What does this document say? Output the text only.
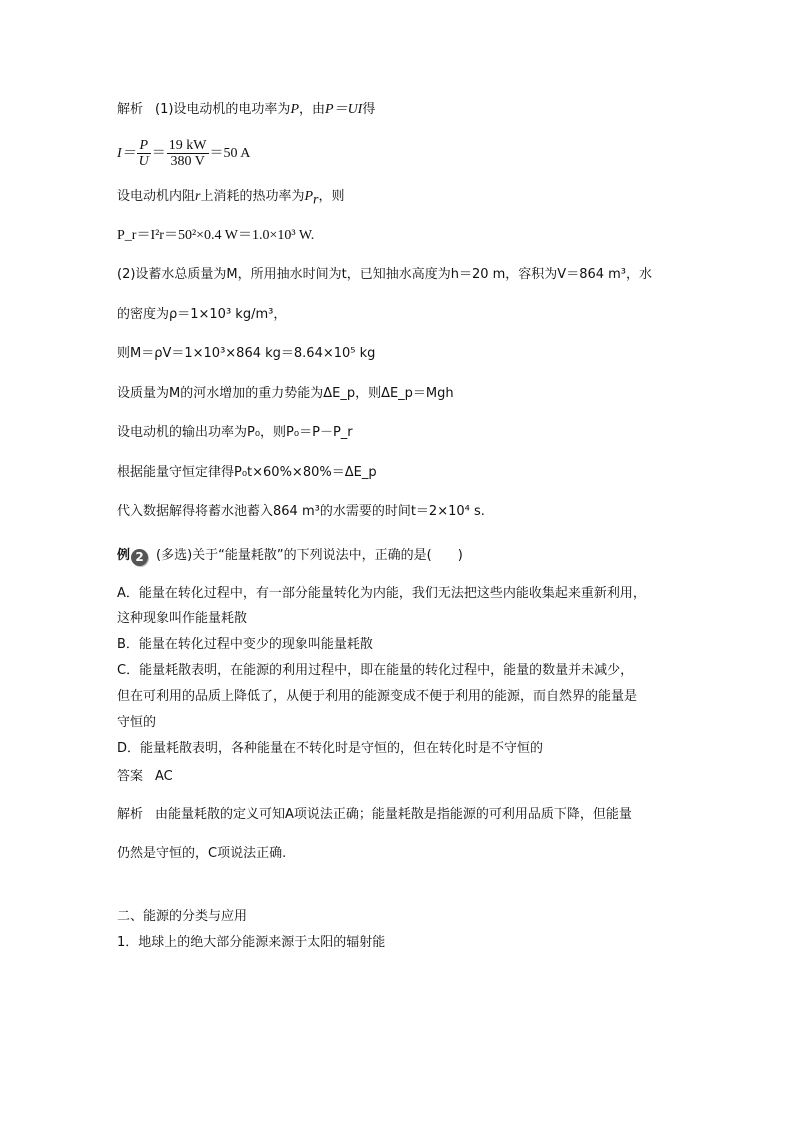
解析 (1)设电动机的电功率为P，由P＝UI得
$I= \frac{P}{U} = \frac{19 kW}{380 V} =50$ A
设电动机内阻r上消耗的热功率为$P_r$，则
P_r＝I²r＝50²×0.4 W＝1.0×10³ W.
(2)设蓄水总质量为M，所用抽水时间为t，已知抽水高度为h＝20 m，容积为V＝864 m³，水
的密度为ρ＝1×10³ kg/m³，
则M＝ρV＝1×10³×864 kg＝8.64×10⁵ kg
设质量为M的河水增加的重力势能为ΔE_p，则ΔE_p＝Mgh
设电动机的输出功率为P₀，则P₀＝P－P_r
根据能量守恒定律得P₀t×60%×80%＝ΔE_p
代入数据解得将蓄水池蓄入864 m³的水需要的时间t＝2×10⁴ s.
例 2 (多选)关于“能量耗散”的下列说法中，正确的是(　　)
A．能量在转化过程中，有一部分能量转化为内能，我们无法把这些内能收集起来重新利用，
这种现象叫作能量耗散
B．能量在转化过程中变少的现象叫能量耗散
C．能量耗散表明，在能源的利用过程中，即在能量的转化过程中，能量的数量并未减少，
但在可利用的品质上降低了，从便于利用的能源变成不便于利用的能源，而自然界的能量是
守恒的
D．能量耗散表明，各种能量在不转化时是守恒的，但在转化时是不守恒的
答案 AC
解析 由能量耗散的定义可知A项说法正确；能量耗散是指能源的可利用品质下降，但能量
仍然是守恒的，C项说法正确.
二、能源的分类与应用
1．地球上的绝大部分能源来源于太阳的辐射能
